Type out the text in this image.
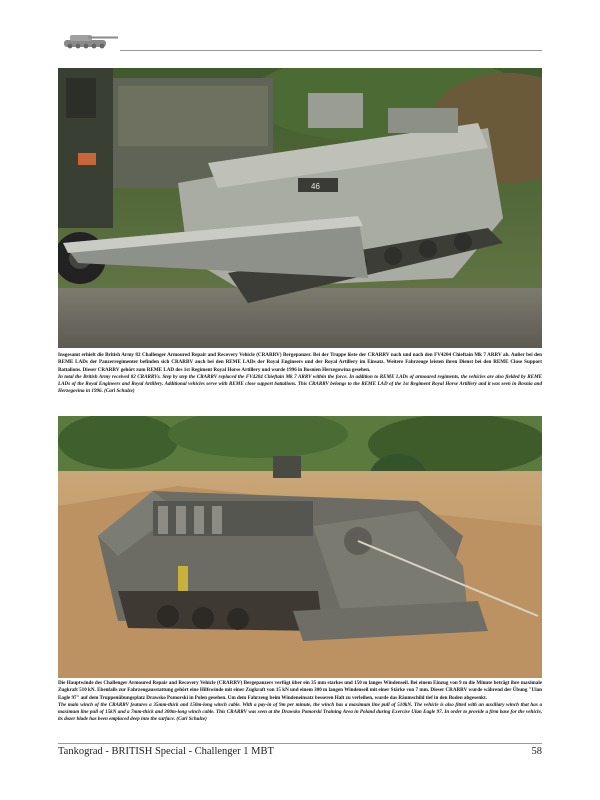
46

Insgesamt erhielt die British Army 82 Challenger Armoured Repair and Recovery Vehicle (CRARRV) Bergepanzer. Bei der Truppe löste der CRARRV nach und nach den FV4204 Chieftain Mk 7 ARRV ab. Außer bei den REME LADs der Panzerregimenter befinden sich CRARRV auch bei den REME LADs der Royal Engineers und der Royal Artillery im Einsatz. Weitere Fahrzeuge leisten ihren Dienst bei den REME Close Support Battalions. Dieser CRARRV gehört zum REME LAD des 1st Regiment Royal Horse Artillery und wurde 1996 in Bosnien Herzegowina gesehen.

In total the British Army received 82 CRARRVs. Step by step the CRARRV replaced the FV4204 Chieftain Mk 7 ARRV within the force. In addition to REME LADs of armoured regiments, the vehicles are also fielded by REME LADs of the Royal Engineers and Royal Artillery. Additional vehicles serve with REME close support battalions. This CRARRV belongs to the REME LAD of the 1st Regiment Royal Horse Artillery and it was seen in Bosnia and Herzegovina in 1996. (Carl Schulze)

Die Hauptwinde des Challenger Armoured Repair and Recovery Vehicle (CRARRV) Bergepanzers verfügt über ein 35 mm starkes und 150 m langes Windenseil. Bei einem Einzug von 9 m die Minute beträgt ihre maximale Zugkraft 510 kN. Ebenfalls zur Fahrzeugausstattung gehört eine Hilfswinde mit einer Zugkraft von 15 kN und einem 300 m langen Windenseil mit einer Stärke von 7 mm. Dieser CRARRV wurde während der Übung "Ulan Eagle 97" auf dem Truppenübungsplatz Drawsko Pomorski in Polen gesehen. Um dem Fahrzeug beim Windeneinsatz besseren Halt zu verleihen, wurde das Räumschild tief in den Boden abgesenkt.

The main winch of the CRARRV features a 35mm-thick and 150m-long winch cable. With a pay-in of 9m per minute, the winch has a maximum line pull of 510kN. The vehicle is also fitted with an auxiliary winch that has a maximum line pull of 15kN and a 7mm-thick and 300m-long winch cable. This CRARRV was seen at the Drawsko Pomorski Training Area in Poland during Exercise Ulan Eagle 97. In order to provide a firm base for the vehicle, its dozer blade has been emplaced deep into the surface. (Carl Schulze)

Tankograd - BRITISH Special - Challenger 1 MBT	58
